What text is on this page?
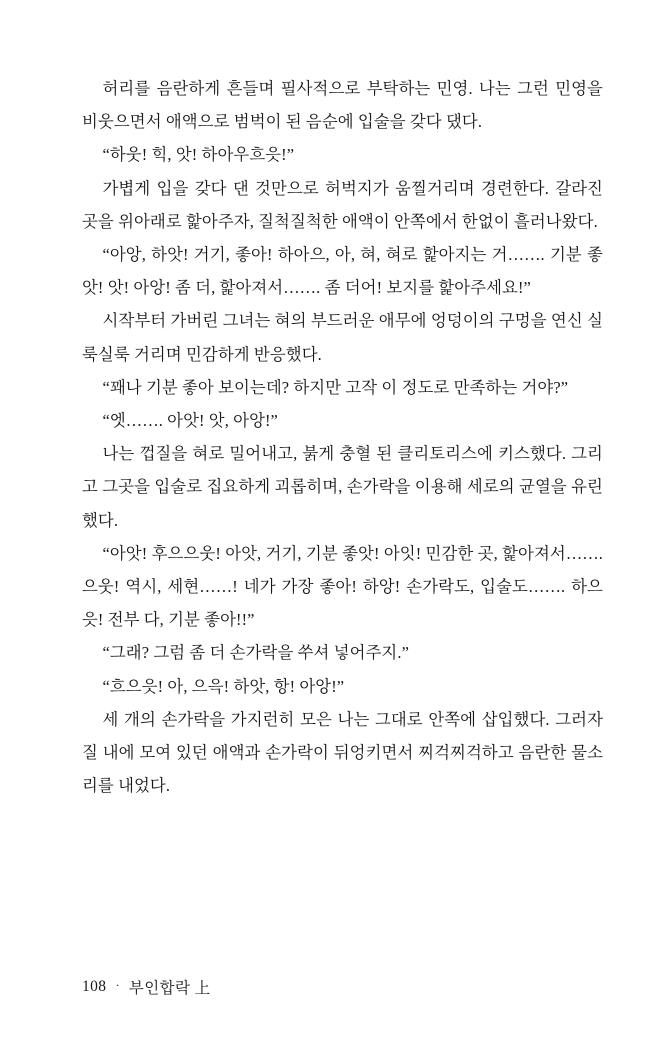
허리를 음란하게 흔들며 필사적으로 부탁하는 민영. 나는 그런 민영을 비웃으면서 애액으로 범벅이 된 음순에 입술을 갖다 댔다.

“하웃! 힉, 앗! 하아우흐읏!”

가볍게 입을 갖다 댄 것만으로 허벅지가 움찔거리며 경련한다. 갈라진 곳을 위아래로 핥아주자, 질척질척한 애액이 안쪽에서 한없이 흘러나왔다.

“아앙, 하앗! 거기, 좋아! 하아으, 아, 혀, 혀로 핥아지는 거……. 기분 좋앗! 앗! 아앙! 좀 더, 핥아져서……. 좀 더어! 보지를 핥아주세요!”

시작부터 가버린 그녀는 혀의 부드러운 애무에 엉덩이의 구멍을 연신 실룩실룩 거리며 민감하게 반응했다.

“꽤나 기분 좋아 보이는데? 하지만 고작 이 정도로 만족하는 거야?”

“엣……. 아앗! 앗, 아앙!”

나는 껍질을 혀로 밀어내고, 붉게 충혈 된 클리토리스에 키스했다. 그리고 그곳을 입술로 집요하게 괴롭히며, 손가락을 이용해 세로의 균열을 유린했다.

“아앗! 후으으웃! 아앗, 거기, 기분 좋앗! 아잇! 민감한 곳, 핥아져서……. 으웃! 역시, 세현……! 네가 가장 좋아! 하앙! 손가락도, 입술도……. 하으읏! 전부 다, 기분 좋아!!”

“그래? 그럼 좀 더 손가락을 쑤셔 넣어주지.”

“흐으읏! 아, 으윽! 하앗, 항! 아앙!”

세 개의 손가락을 가지런히 모은 나는 그대로 안쪽에 삽입했다. 그러자 질 내에 모여 있던 애액과 손가락이 뒤엉키면서 찌걱찌걱하고 음란한 물소리를 내었다.

108 · 부인합락 上
